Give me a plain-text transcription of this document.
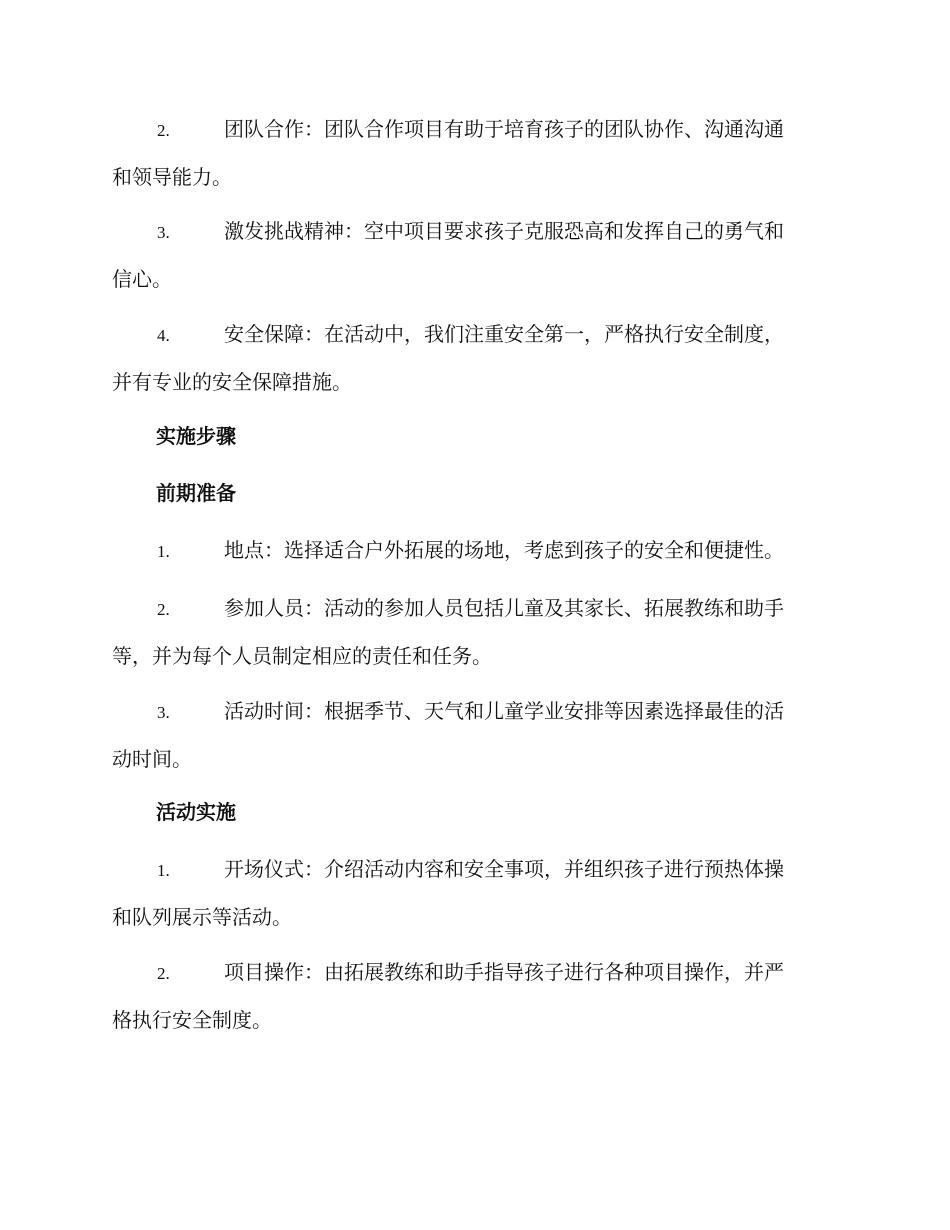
2.	团队合作：团队合作项目有助于培育孩子的团队协作、沟通沟通
和领导能力。
3.	激发挑战精神：空中项目要求孩子克服恐高和发挥自己的勇气和
信心。
4.	安全保障：在活动中，我们注重安全第一，严格执行安全制度，
并有专业的安全保障措施。
实施步骤
前期准备
1.	地点：选择适合户外拓展的场地，考虑到孩子的安全和便捷性。
2.	参加人员：活动的参加人员包括儿童及其家长、拓展教练和助手
等，并为每个人员制定相应的责任和任务。
3.	活动时间：根据季节、天气和儿童学业安排等因素选择最佳的活
动时间。
活动实施
1.	开场仪式：介绍活动内容和安全事项，并组织孩子进行预热体操
和队列展示等活动。
2.	项目操作：由拓展教练和助手指导孩子进行各种项目操作，并严
格执行安全制度。
